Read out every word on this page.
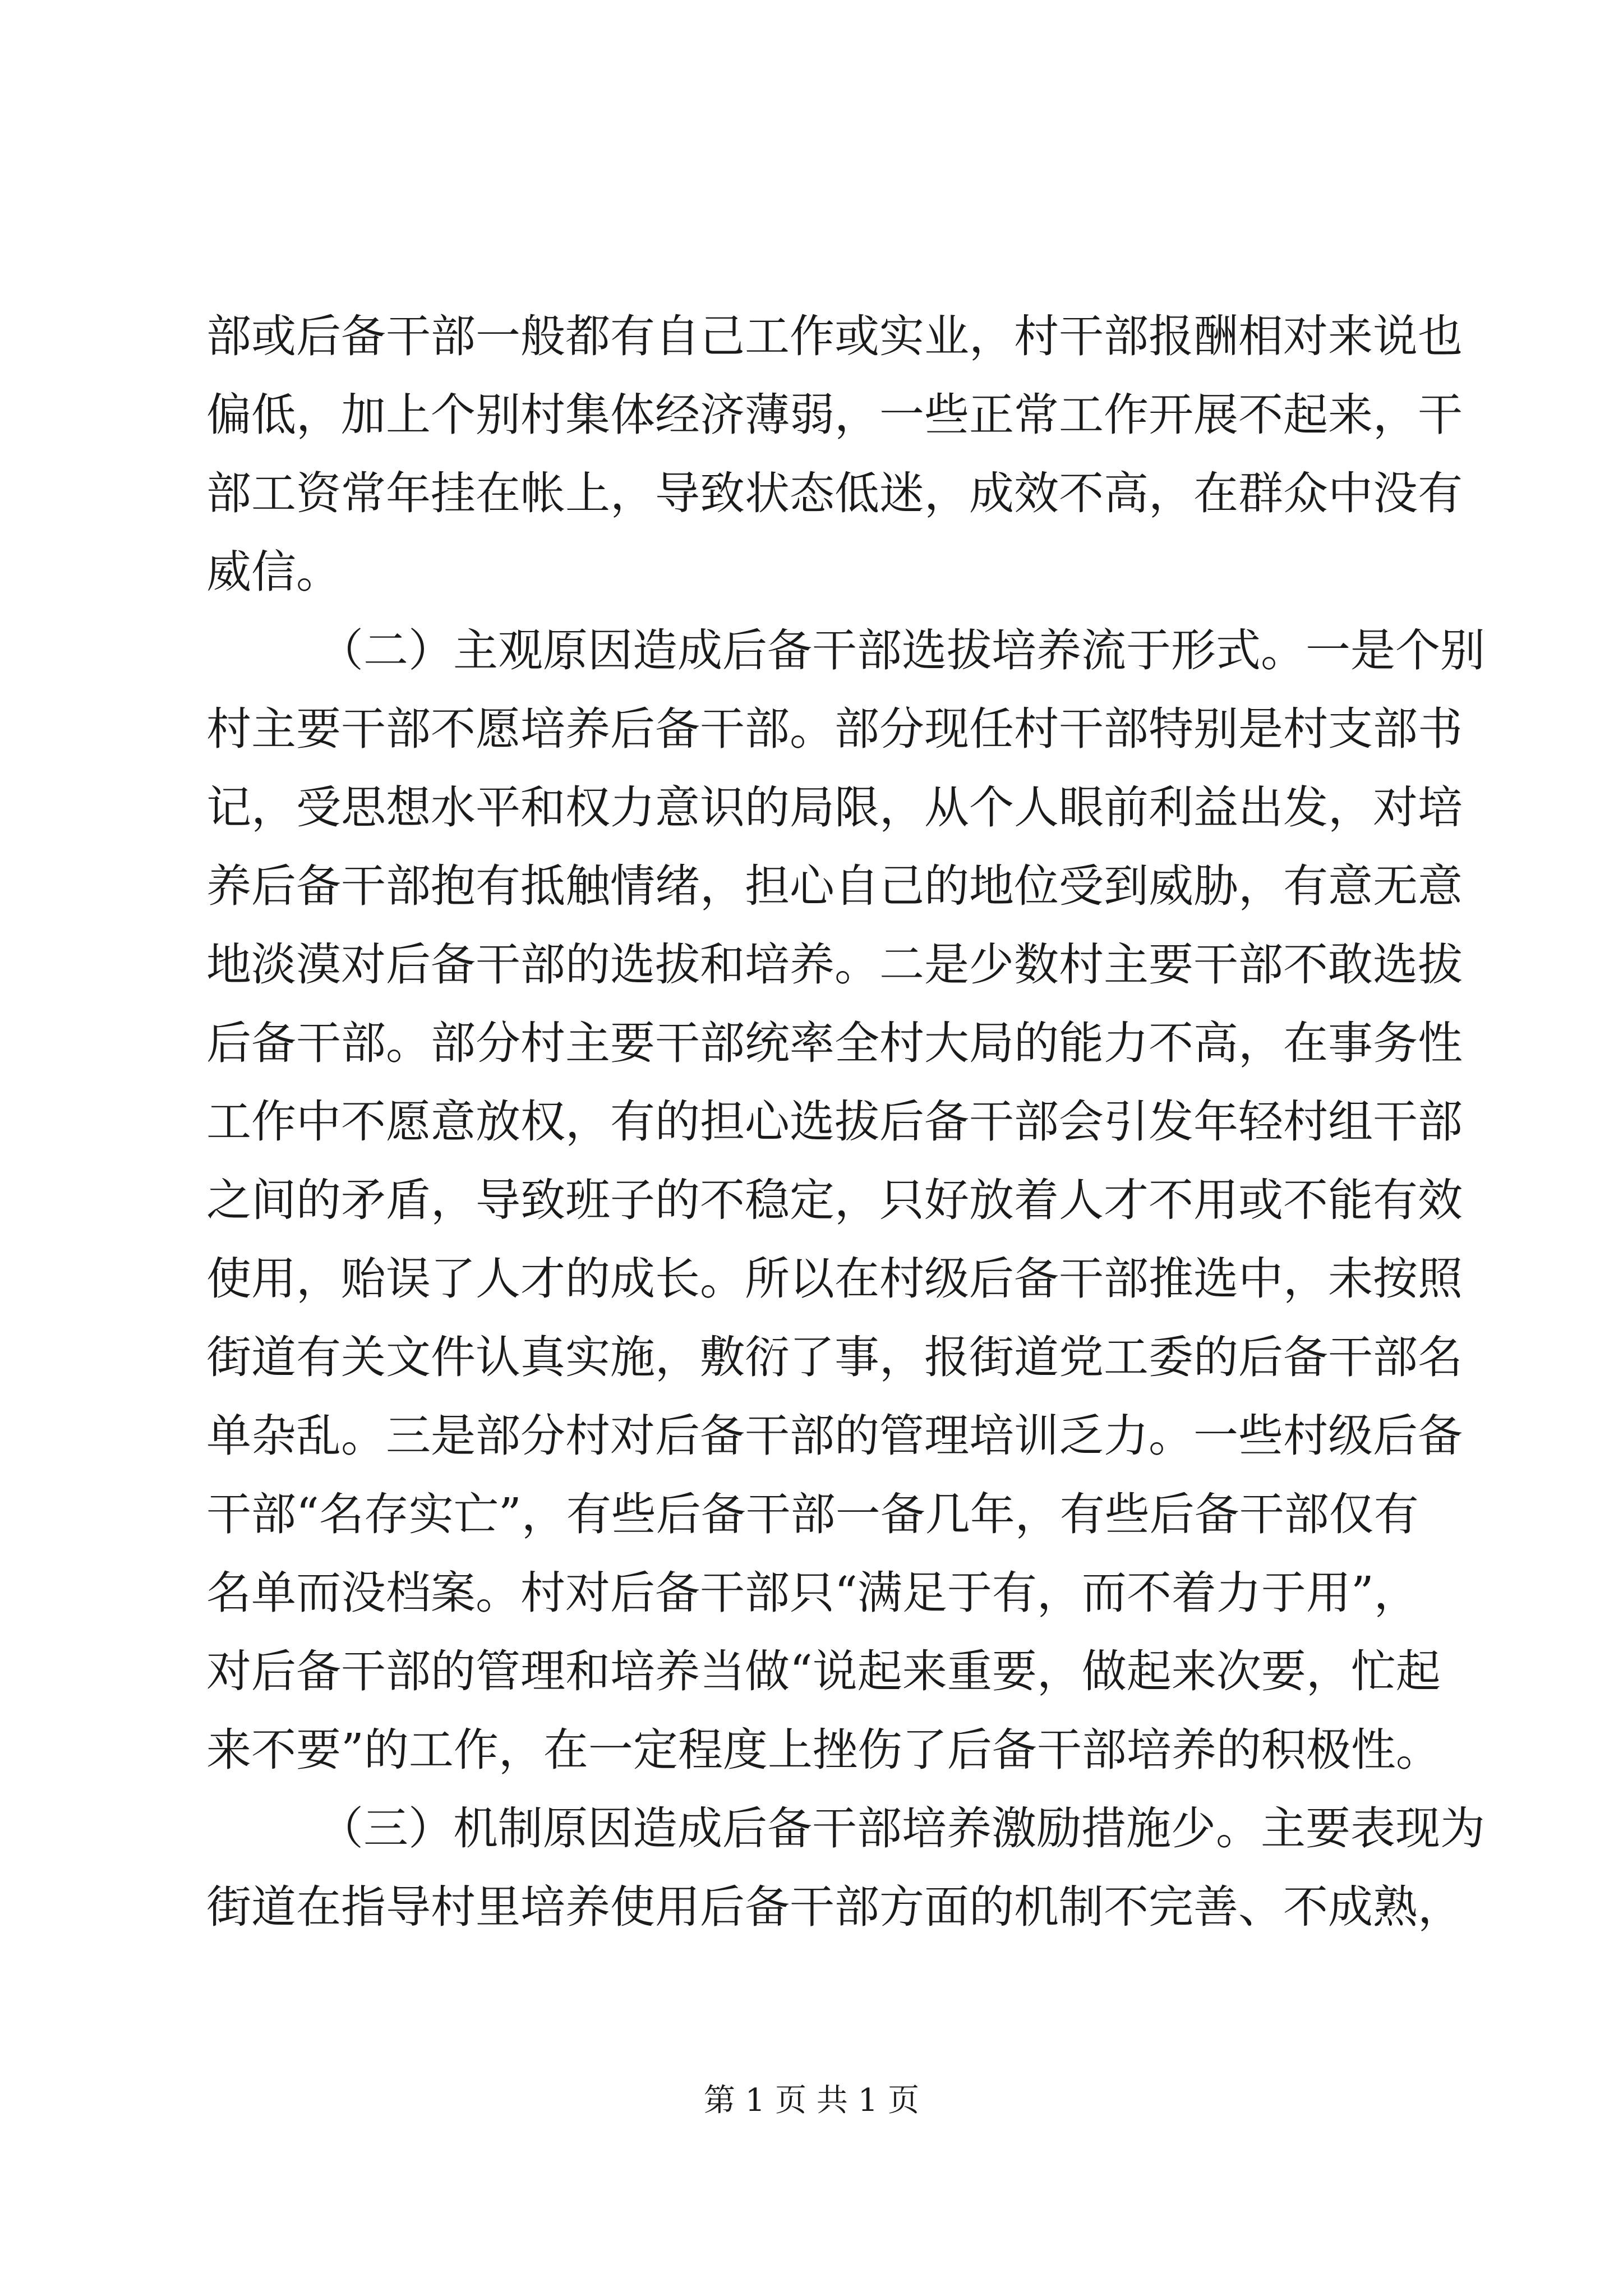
部或后备干部一般都有自己工作或实业，村干部报酬相对来说也
偏低，加上个别村集体经济薄弱，一些正常工作开展不起来，干
部工资常年挂在帐上，导致状态低迷，成效不高，在群众中没有
威信。
（二）主观原因造成后备干部选拔培养流于形式。一是个别
村主要干部不愿培养后备干部。部分现任村干部特别是村支部书
记，受思想水平和权力意识的局限，从个人眼前利益出发，对培
养后备干部抱有抵触情绪，担心自己的地位受到威胁，有意无意
地淡漠对后备干部的选拔和培养。二是少数村主要干部不敢选拔
后备干部。部分村主要干部统率全村大局的能力不高，在事务性
工作中不愿意放权，有的担心选拔后备干部会引发年轻村组干部
之间的矛盾，导致班子的不稳定，只好放着人才不用或不能有效
使用，贻误了人才的成长。所以在村级后备干部推选中，未按照
街道有关文件认真实施，敷衍了事，报街道党工委的后备干部名
单杂乱。三是部分村对后备干部的管理培训乏力。一些村级后备
干部“名存实亡”，有些后备干部一备几年，有些后备干部仅有
名单而没档案。村对后备干部只“满足于有，而不着力于用”，
对后备干部的管理和培养当做“说起来重要，做起来次要，忙起
来不要”的工作，在一定程度上挫伤了后备干部培养的积极性。
（三）机制原因造成后备干部培养激励措施少。主要表现为
街道在指导村里培养使用后备干部方面的机制不完善、不成熟，
第 1 页 共 1 页
